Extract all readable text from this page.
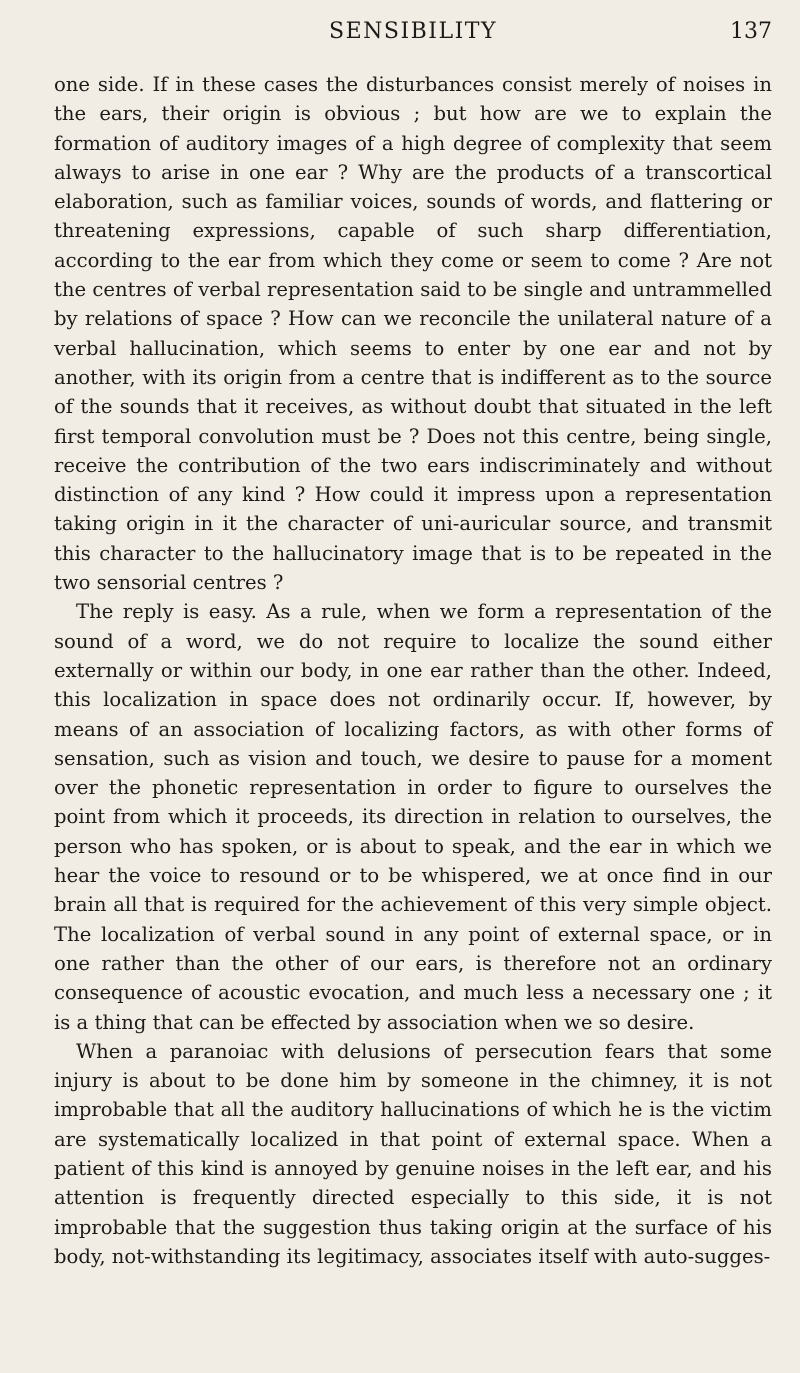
SENSIBILITY	137

one side. If in these cases the disturbances consist merely of noises in the ears, their origin is obvious ; but how are we to explain the formation of auditory images of a high degree of complexity that seem always to arise in one ear ? Why are the products of a transcortical elaboration, such as familiar voices, sounds of words, and flattering or threatening expressions, capable of such sharp differentiation, according to the ear from which they come or seem to come ? Are not the centres of verbal representation said to be single and untrammelled by relations of space ? How can we reconcile the unilateral nature of a verbal hallucination, which seems to enter by one ear and not by another, with its origin from a centre that is indifferent as to the source of the sounds that it receives, as without doubt that situated in the left first temporal convolution must be ? Does not this centre, being single, receive the contribution of the two ears indiscriminately and without distinction of any kind ? How could it impress upon a representation taking origin in it the character of uni-auricular source, and transmit this character to the hallucinatory image that is to be repeated in the two sensorial centres ?

The reply is easy. As a rule, when we form a representation of the sound of a word, we do not require to localize the sound either externally or within our body, in one ear rather than the other. Indeed, this localization in space does not ordinarily occur. If, however, by means of an association of localizing factors, as with other forms of sensation, such as vision and touch, we desire to pause for a moment over the phonetic representation in order to figure to ourselves the point from which it proceeds, its direction in relation to ourselves, the person who has spoken, or is about to speak, and the ear in which we hear the voice to resound or to be whispered, we at once find in our brain all that is required for the achievement of this very simple object. The localization of verbal sound in any point of external space, or in one rather than the other of our ears, is therefore not an ordinary consequence of acoustic evocation, and much less a necessary one ; it is a thing that can be effected by association when we so desire.

When a paranoiac with delusions of persecution fears that some injury is about to be done him by someone in the chimney, it is not improbable that all the auditory hallucinations of which he is the victim are systematically localized in that point of external space. When a patient of this kind is annoyed by genuine noises in the left ear, and his attention is frequently directed especially to this side, it is not improbable that the suggestion thus taking origin at the surface of his body, not-withstanding its legitimacy, associates itself with auto-sugges-
